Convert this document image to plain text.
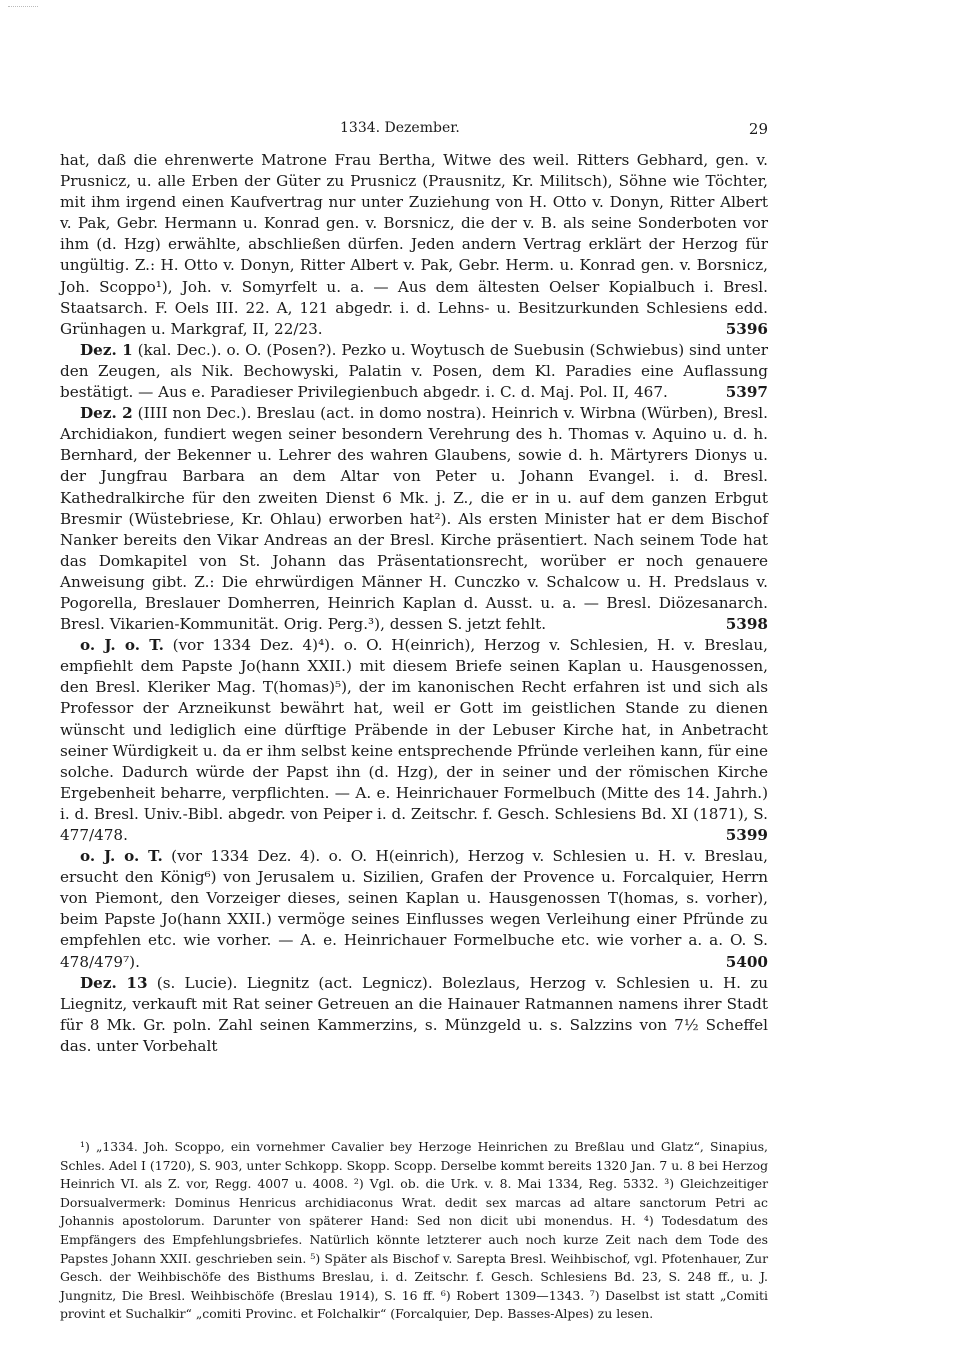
1334. Dezember.	29

hat, daß die ehrenwerte Matrone Frau Bertha, Witwe des weil. Ritters Gebhard, gen. v. Prusnicz, u. alle Erben der Güter zu Prusnicz (Prausnitz, Kr. Militsch), Söhne wie Töchter, mit ihm irgend einen Kaufvertrag nur unter Zuziehung von H. Otto v. Donyn, Ritter Albert v. Pak, Gebr. Hermann u. Konrad gen. v. Borsnicz, die der v. B. als seine Sonderboten vor ihm (d. Hzg) erwählte, abschließen dürfen. Jeden andern Vertrag erklärt der Herzog für ungültig. Z.: H. Otto v. Donyn, Ritter Albert v. Pak, Gebr. Herm. u. Konrad gen. v. Borsnicz, Joh. Scoppo¹), Joh. v. Somyrfelt u. a. — Aus dem ältesten Oelser Kopialbuch i. Bresl. Staatsarch. F. Oels III. 22. A, 121 abgedr. i. d. Lehns- u. Besitzurkunden Schlesiens edd. Grünhagen u. Markgraf, II, 22/23.	5396

Dez. 1 (kal. Dec.). o. O. (Posen?). Pezko u. Woytusch de Suebusin (Schwiebus) sind unter den Zeugen, als Nik. Bechowyski, Palatin v. Posen, dem Kl. Paradies eine Auflassung bestätigt. — Aus e. Paradieser Privilegienbuch abgedr. i. C. d. Maj. Pol. II, 467.	5397

Dez. 2 (IIII non Dec.). Breslau (act. in domo nostra). Heinrich v. Wirbna (Würben), Bresl. Archidiakon, fundiert wegen seiner besondern Verehrung des h. Thomas v. Aquino u. d. h. Bernhard, der Bekenner u. Lehrer des wahren Glaubens, sowie d. h. Märtyrers Dionys u. der Jungfrau Barbara an dem Altar von Peter u. Johann Evangel. i. d. Bresl. Kathedralkirche für den zweiten Dienst 6 Mk. j. Z., die er in u. auf dem ganzen Erbgut Bresmir (Wüstebriese, Kr. Ohlau) erworben hat²). Als ersten Minister hat er dem Bischof Nanker bereits den Vikar Andreas an der Bresl. Kirche präsentiert. Nach seinem Tode hat das Domkapitel von St. Johann das Präsentationsrecht, worüber er noch genauere Anweisung gibt. Z.: Die ehrwürdigen Männer H. Cunczko v. Schalcow u. H. Predslaus v. Pogorella, Breslauer Domherren, Heinrich Kaplan d. Ausst. u. a. — Bresl. Diözesanarch. Bresl. Vikarien-Kommunität. Orig. Perg.³), dessen S. jetzt fehlt.	5398

o. J. o. T. (vor 1334 Dez. 4)⁴). o. O. H(einrich), Herzog v. Schlesien, H. v. Breslau, empfiehlt dem Papste Jo(hann XXII.) mit diesem Briefe seinen Kaplan u. Hausgenossen, den Bresl. Kleriker Mag. T(homas)⁵), der im kanonischen Recht erfahren ist und sich als Professor der Arzneikunst bewährt hat, weil er Gott im geistlichen Stande zu dienen wünscht und lediglich eine dürftige Präbende in der Lebuser Kirche hat, in Anbetracht seiner Würdigkeit u. da er ihm selbst keine entsprechende Pfründe verleihen kann, für eine solche. Dadurch würde der Papst ihn (d. Hzg), der in seiner und der römischen Kirche Ergebenheit beharre, verpflichten. — A. e. Heinrichauer Formelbuch (Mitte des 14. Jahrh.) i. d. Bresl. Univ.-Bibl. abgedr. von Peiper i. d. Zeitschr. f. Gesch. Schlesiens Bd. XI (1871), S. 477/478.	5399

o. J. o. T. (vor 1334 Dez. 4). o. O. H(einrich), Herzog v. Schlesien u. H. v. Breslau, ersucht den König⁶) von Jerusalem u. Sizilien, Grafen der Provence u. Forcalquier, Herrn von Piemont, den Vorzeiger dieses, seinen Kaplan u. Hausgenossen T(homas, s. vorher), beim Papste Jo(hann XXII.) vermöge seines Einflusses wegen Verleihung einer Pfründe zu empfehlen etc. wie vorher. — A. e. Heinrichauer Formelbuche etc. wie vorher a. a. O. S. 478/479⁷).	5400

Dez. 13 (s. Lucie). Liegnitz (act. Legnicz). Bolezlaus, Herzog v. Schlesien u. H. zu Liegnitz, verkauft mit Rat seiner Getreuen an die Hainauer Ratmannen namens ihrer Stadt für 8 Mk. Gr. poln. Zahl seinen Kammerzins, s. Münzgeld u. s. Salzzins von 7½ Scheffel das. unter Vorbehalt

¹) „1334. Joh. Scoppo, ein vornehmer Cavalier bey Herzoge Heinrichen zu Breßlau und Glatz“, Sinapius, Schles. Adel I (1720), S. 903, unter Schkopp. Skopp. Scopp. Derselbe kommt bereits 1320 Jan. 7 u. 8 bei Herzog Heinrich VI. als Z. vor, Regg. 4007 u. 4008. ²) Vgl. ob. die Urk. v. 8. Mai 1334, Reg. 5332. ³) Gleichzeitiger Dorsualvermerk: Dominus Henricus archidiaconus Wrat. dedit sex marcas ad altare sanctorum Petri ac Johannis apostolorum. Darunter von späterer Hand: Sed non dicit ubi monendus. H. ⁴) Todesdatum des Empfängers des Empfehlungsbriefes. Natürlich könnte letzterer auch noch kurze Zeit nach dem Tode des Papstes Johann XXII. geschrieben sein. ⁵) Später als Bischof v. Sarepta Bresl. Weihbischof, vgl. Pfotenhauer, Zur Gesch. der Weihbischöfe des Bisthums Breslau, i. d. Zeitschr. f. Gesch. Schlesiens Bd. 23, S. 248 ff., u. J. Jungnitz, Die Bresl. Weihbischöfe (Breslau 1914), S. 16 ff. ⁶) Robert 1309—1343. ⁷) Daselbst ist statt „Comiti provint et Suchalkir“ „comiti Provinc. et Folchalkir“ (Forcalquier, Dep. Basses-Alpes) zu lesen.
